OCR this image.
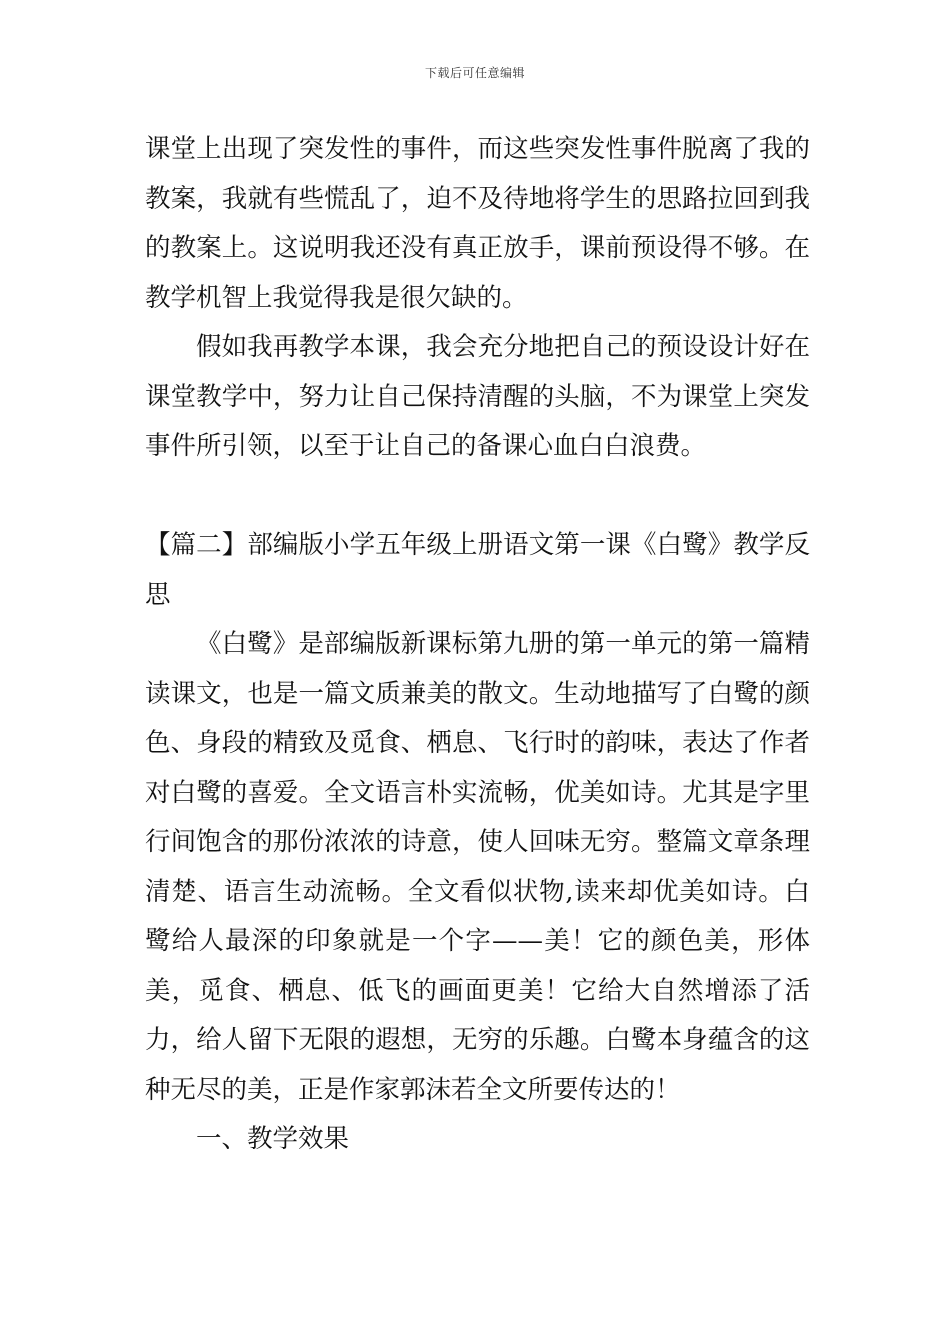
下载后可任意编辑

课堂上出现了突发性的事件，而这些突发性事件脱离了我的教案，我就有些慌乱了，迫不及待地将学生的思路拉回到我的教案上。这说明我还没有真正放手，课前预设得不够。在教学机智上我觉得我是很欠缺的。

假如我再教学本课，我会充分地把自己的预设设计好在课堂教学中，努力让自己保持清醒的头脑，不为课堂上突发事件所引领，以至于让自己的备课心血白白浪费。

【篇二】部编版小学五年级上册语文第一课《白鹭》教学反思

《白鹭》是部编版新课标第九册的第一单元的第一篇精读课文，也是一篇文质兼美的散文。生动地描写了白鹭的颜色、身段的精致及觅食、栖息、飞行时的韵味，表达了作者对白鹭的喜爱。全文语言朴实流畅，优美如诗。尤其是字里行间饱含的那份浓浓的诗意，使人回味无穷。整篇文章条理清楚、语言生动流畅。全文看似状物,读来却优美如诗。白鹭给人最深的印象就是一个字——美！它的颜色美，形体美，觅食、栖息、低飞的画面更美！它给大自然增添了活力，给人留下无限的遐想，无穷的乐趣。白鹭本身蕴含的这种无尽的美，正是作家郭沫若全文所要传达的！

一、教学效果
